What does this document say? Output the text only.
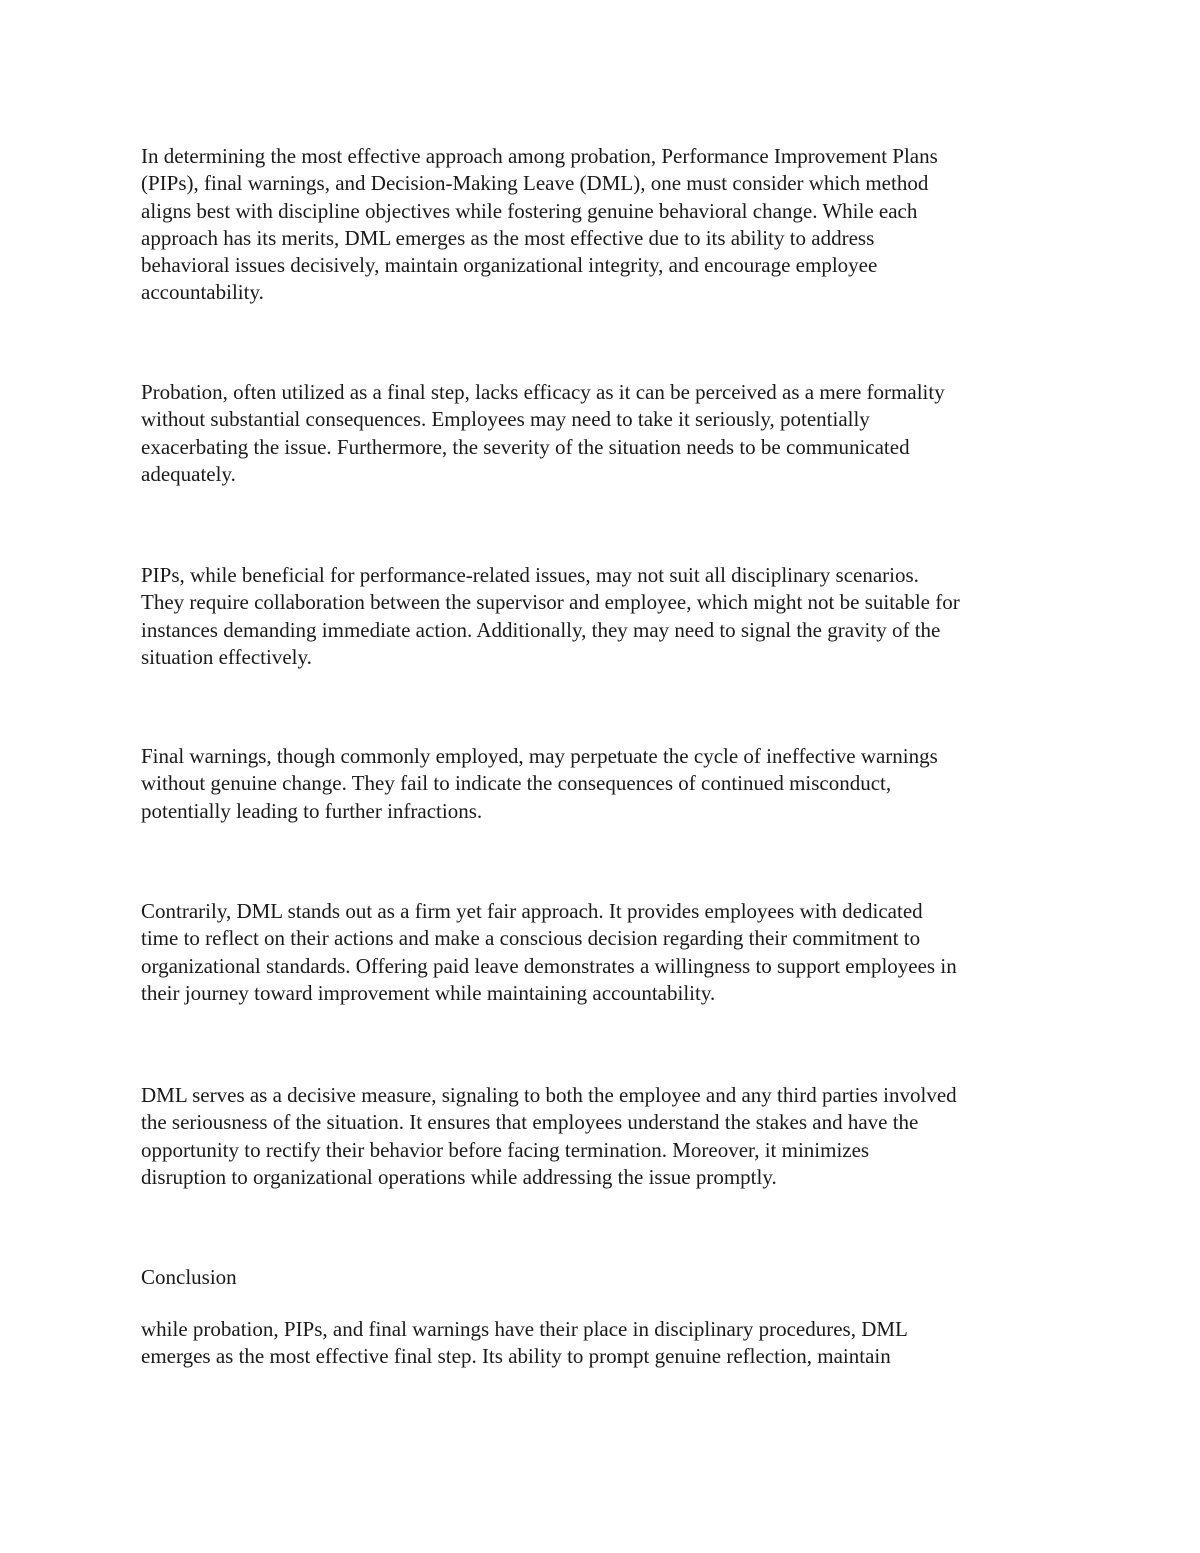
In determining the most effective approach among probation, Performance Improvement Plans
(PIPs), final warnings, and Decision-Making Leave (DML), one must consider which method
aligns best with discipline objectives while fostering genuine behavioral change. While each
approach has its merits, DML emerges as the most effective due to its ability to address
behavioral issues decisively, maintain organizational integrity, and encourage employee
accountability.

Probation, often utilized as a final step, lacks efficacy as it can be perceived as a mere formality
without substantial consequences. Employees may need to take it seriously, potentially
exacerbating the issue. Furthermore, the severity of the situation needs to be communicated
adequately.

PIPs, while beneficial for performance-related issues, may not suit all disciplinary scenarios.
They require collaboration between the supervisor and employee, which might not be suitable for
instances demanding immediate action. Additionally, they may need to signal the gravity of the
situation effectively.

Final warnings, though commonly employed, may perpetuate the cycle of ineffective warnings
without genuine change. They fail to indicate the consequences of continued misconduct,
potentially leading to further infractions.

Contrarily, DML stands out as a firm yet fair approach. It provides employees with dedicated
time to reflect on their actions and make a conscious decision regarding their commitment to
organizational standards. Offering paid leave demonstrates a willingness to support employees in
their journey toward improvement while maintaining accountability.

DML serves as a decisive measure, signaling to both the employee and any third parties involved
the seriousness of the situation. It ensures that employees understand the stakes and have the
opportunity to rectify their behavior before facing termination. Moreover, it minimizes
disruption to organizational operations while addressing the issue promptly.

Conclusion

while probation, PIPs, and final warnings have their place in disciplinary procedures, DML
emerges as the most effective final step. Its ability to prompt genuine reflection, maintain
